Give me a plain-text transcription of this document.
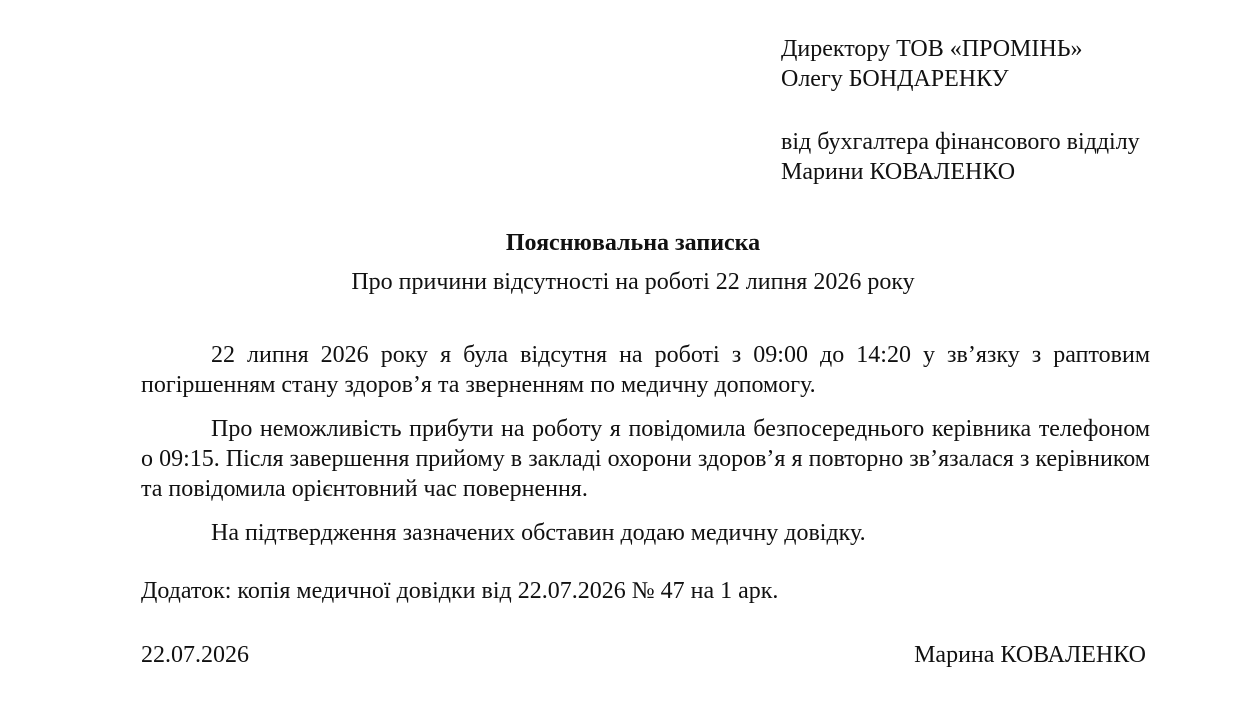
Директору ТОВ «ПРОМІНЬ»
Олегу БОНДАРЕНКУ
від бухгалтера фінансового відділу
Марини КОВАЛЕНКО
Пояснювальна записка
Про причини відсутності на роботі 22 липня 2026 року

22 липня 2026 року я була відсутня на роботі з 09:00 до 14:20 у зв’язку з раптовим погіршенням стану здоров’я та зверненням по медичну допомогу.

Про неможливість прибути на роботу я повідомила безпосереднього керівника телефоном о 09:15. Після завершення прийому в закладі охорони здоров’я я повторно зв’язалася з керівником та повідомила орієнтовний час повернення.

На підтвердження зазначених обставин додаю медичну довідку.

Додаток: копія медичної довідки від 22.07.2026 № 47 на 1 арк.
22.07.2026	Марина КОВАЛЕНКО
